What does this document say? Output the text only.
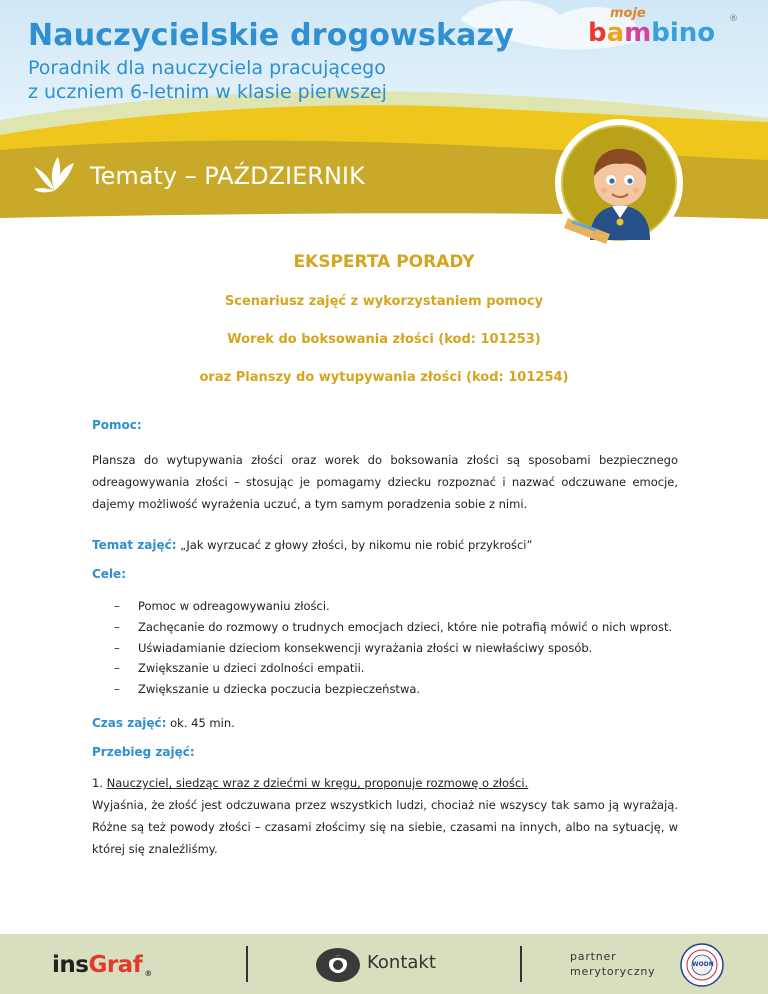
Nauczycielskie drogowskazy
Poradnik dla nauczyciela pracującego
z uczniem 6-letnim w klasie pierwszej
moje
bambino ®
Tematy – PAŹDZIERNIK
EKSPERTA PORADY
Scenariusz zajęć z wykorzystaniem pomocy
Worek do boksowania złości (kod: 101253)
oraz Planszy do wytupywania złości (kod: 101254)
Pomoc:

Plansza do wytupywania złości oraz worek do boksowania złości są sposobami bezpiecznego odreagowywania złości – stosując je pomagamy dziecku rozpoznać i nazwać odczuwane emocje, dajemy możliwość wyrażenia uczuć, a tym samym poradzenia sobie z nimi.

Temat zajęć: „Jak wyrzucać z głowy złości, by nikomu nie robić przykrości”
Cele:
– Pomoc w odreagowywaniu złości.
– Zachęcanie do rozmowy o trudnych emocjach dzieci, które nie potrafią mówić o nich wprost.
– Uświadamianie dzieciom konsekwencji wyrażania złości w niewłaściwy sposób.
– Zwiększanie u dzieci zdolności empatii.
– Zwiększanie u dziecka poczucia bezpieczeństwa.
Czas zajęć: ok. 45 min.
Przebieg zajęć:
1. Nauczyciel, siedząc wraz z dziećmi w kręgu, proponuje rozmowę o złości.

Wyjaśnia, że złość jest odczuwana przez wszystkich ludzi, chociaż nie wszyscy tak samo ją wyrażają. Różne są też powody złości – czasami złościmy się na siebie, czasami na innych, albo na sytuację, w której się znaleźliśmy.

insGraf ®
Kontakt	partner
merytoryczny
WODN
